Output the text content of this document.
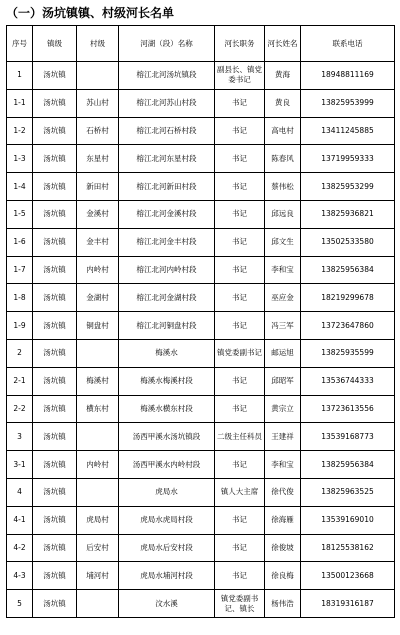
（一）汤坑镇镇、村级河长名单
序号	镇级	村级	河湖（段）名称	河长职务	河长姓名	联系电话
1	汤坑镇		榕江北河汤坑镇段	副县长、镇党委书记	黄海	18948811169
1-1	汤坑镇	苏山村	榕江北河苏山村段	书记	黄良	13825953999
1-2	汤坑镇	石桥村	榕江北河石桥村段	书记	高电村	13411245885
1-3	汤坑镇	东星村	榕江北河东星村段	书记	陈春风	13719959333
1-4	汤坑镇	新田村	榕江北河新田村段	书记	蔡伟松	13825953299
1-5	汤坑镇	金溪村	榕江北河金溪村段	书记	邱远良	13825936821
1-6	汤坑镇	金丰村	榕江北河金丰村段	书记	邱文生	13502533580
1-7	汤坑镇	内岭村	榕江北河内岭村段	书记	李和宝	13825956384
1-8	汤坑镇	金湖村	榕江北河金湖村段	书记	巫应金	18219299678
1-9	汤坑镇	铜盘村	榕江北河铜盘村段	书记	冯三军	13723647860
2	汤坑镇		梅溪水	镇党委副书记	邮运旭	13825935599
2-1	汤坑镇	梅溪村	梅溪水梅溪村段	书记	邱昭军	13536744333
2-2	汤坑镇	横东村	梅溪水横东村段	书记	黄宗立	13723613556
3	汤坑镇		汤西甲溪水汤坑镇段	二级主任科员	王建祥	13539168773
3-1	汤坑镇	内岭村	汤西甲溪水内岭村段	书记	李和宝	13825956384
4	汤坑镇		虎局水	镇人大主席	徐代俊	13825963525
4-1	汤坑镇	虎局村	虎局水虎局村段	书记	徐海雁	13539169010
4-2	汤坑镇	后安村	虎局水后安村段	书记	徐俊坡	18125538162
4-3	汤坑镇	埔河村	虎局水埔河村段	书记	徐良梅	13500123668
5	汤坑镇		汶水溪	镇党委副书记、镇长	杨伟浩	18319316187
